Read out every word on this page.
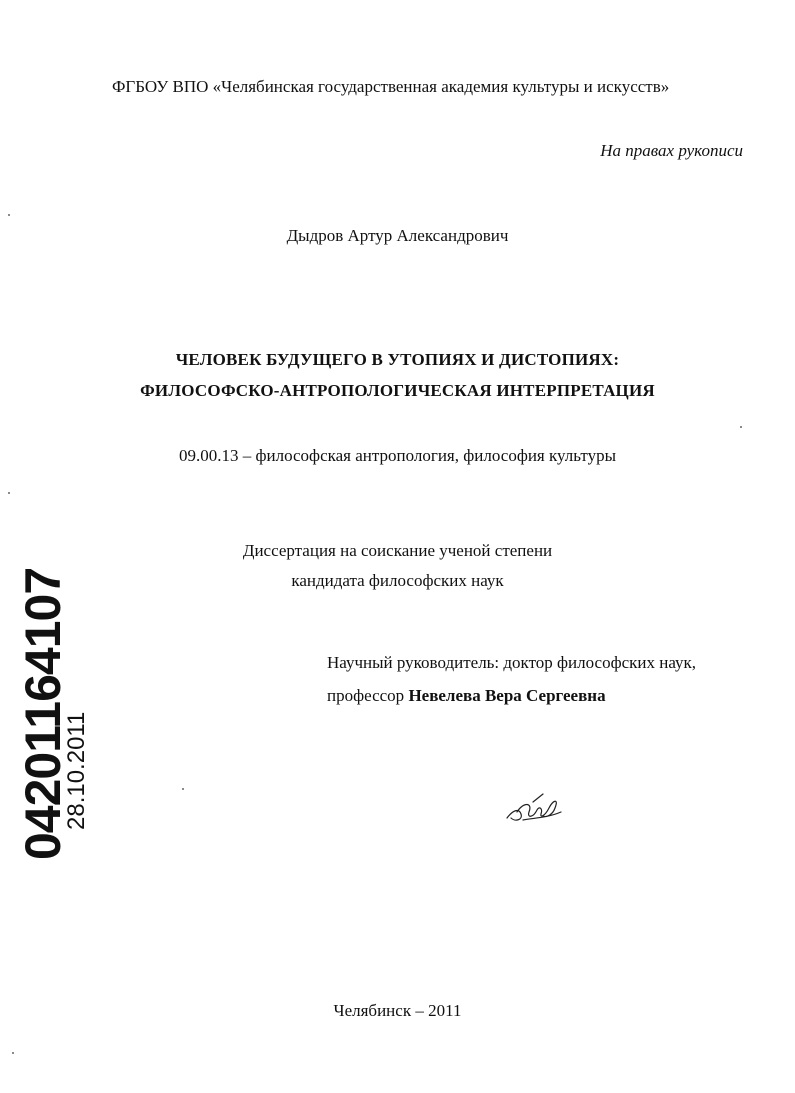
ФГБОУ ВПО «Челябинская государственная академия культуры и искусств»
На правах рукописи
Дыдров Артур Александрович
ЧЕЛОВЕК БУДУЩЕГО В УТОПИЯХ И ДИСТОПИЯХ:
ФИЛОСОФСКО-АНТРОПОЛОГИЧЕСКАЯ ИНТЕРПРЕТАЦИЯ
09.00.13 – философская антропология, философия культуры
Диссертация на соискание ученой степени
кандидата философских наук
Научный руководитель: доктор философских наук,
профессор Невелева Вера Сергеевна
04201164107
28.10.2011
Челябинск – 2011
